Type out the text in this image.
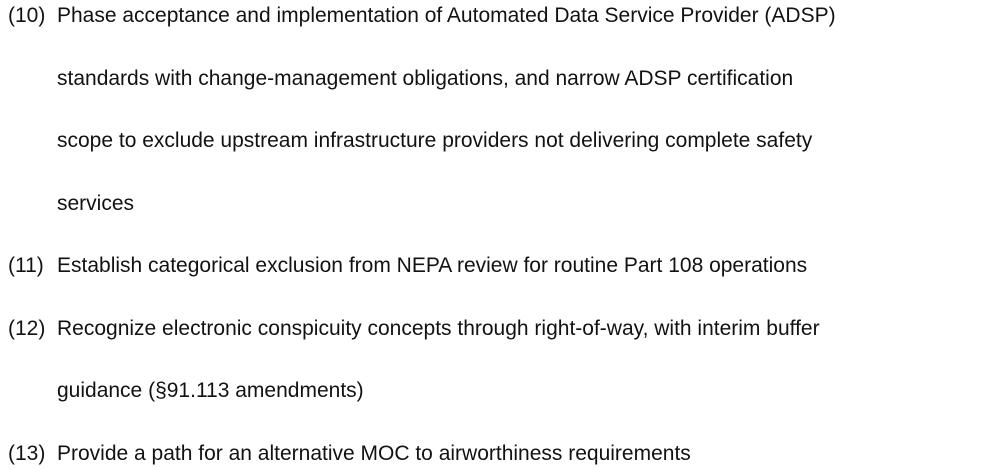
(10) Phase acceptance and implementation of Automated Data Service Provider (ADSP)
standards with change-management obligations, and narrow ADSP certification
scope to exclude upstream infrastructure providers not delivering complete safety
services
(11) Establish categorical exclusion from NEPA review for routine Part 108 operations
(12) Recognize electronic conspicuity concepts through right-of-way, with interim buffer
guidance (§91.113 amendments)
(13) Provide a path for an alternative MOC to airworthiness requirements
